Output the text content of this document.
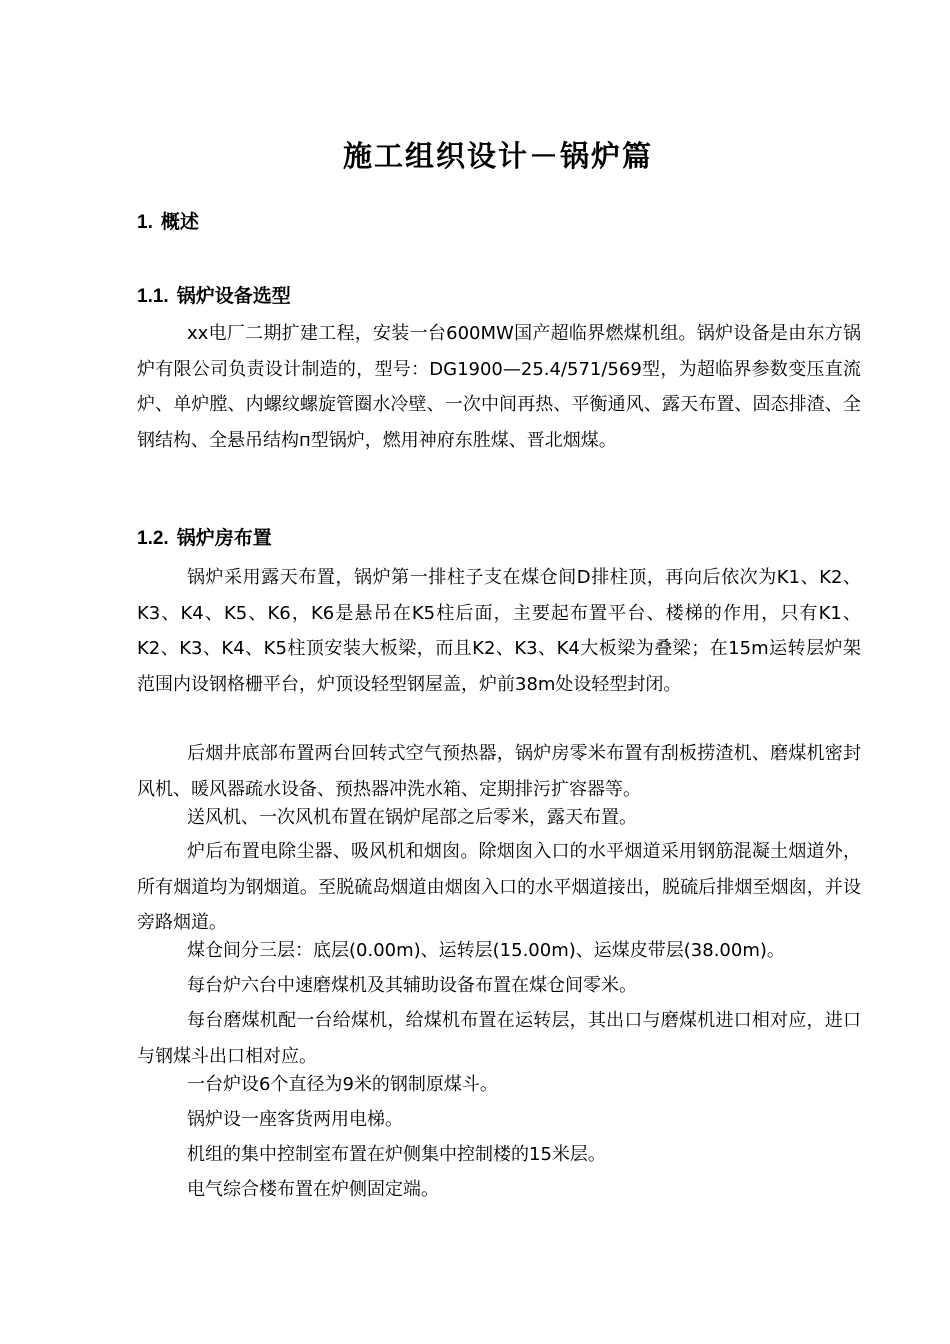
施工组织设计－锅炉篇
1. 概述
1.1. 锅炉设备选型

xx电厂二期扩建工程，安装一台600MW国产超临界燃煤机组。锅炉设备是由东方锅炉有限公司负责设计制造的，型号：DG1900—25.4/571/569型，为超临界参数变压直流炉、单炉膛、内螺纹螺旋管圈水冷壁、一次中间再热、平衡通风、露天布置、固态排渣、全钢结构、全悬吊结构п型锅炉，燃用神府东胜煤、晋北烟煤。

1.2. 锅炉房布置

锅炉采用露天布置，锅炉第一排柱子支在煤仓间D排柱顶，再向后依次为K1、K2、K3、K4、K5、K6，K6是悬吊在K5柱后面，主要起布置平台、楼梯的作用，只有K1、K2、K3、K4、K5柱顶安装大板梁，而且K2、K3、K4大板梁为叠梁；在15m运转层炉架范围内设钢格栅平台，炉顶设轻型钢屋盖，炉前38m处设轻型封闭。

后烟井底部布置两台回转式空气预热器，锅炉房零米布置有刮板捞渣机、磨煤机密封风机、暖风器疏水设备、预热器冲洗水箱、定期排污扩容器等。

送风机、一次风机布置在锅炉尾部之后零米，露天布置。

炉后布置电除尘器、吸风机和烟囱。除烟囱入口的水平烟道采用钢筋混凝土烟道外，所有烟道均为钢烟道。至脱硫岛烟道由烟囱入口的水平烟道接出，脱硫后排烟至烟囱，并设旁路烟道。

煤仓间分三层：底层(0.00m)、运转层(15.00m)、运煤皮带层(38.00m)。

每台炉六台中速磨煤机及其辅助设备布置在煤仓间零米。

每台磨煤机配一台给煤机，给煤机布置在运转层，其出口与磨煤机进口相对应，进口与钢煤斗出口相对应。

一台炉设6个直径为9米的钢制原煤斗。

锅炉设一座客货两用电梯。

机组的集中控制室布置在炉侧集中控制楼的15米层。

电气综合楼布置在炉侧固定端。
